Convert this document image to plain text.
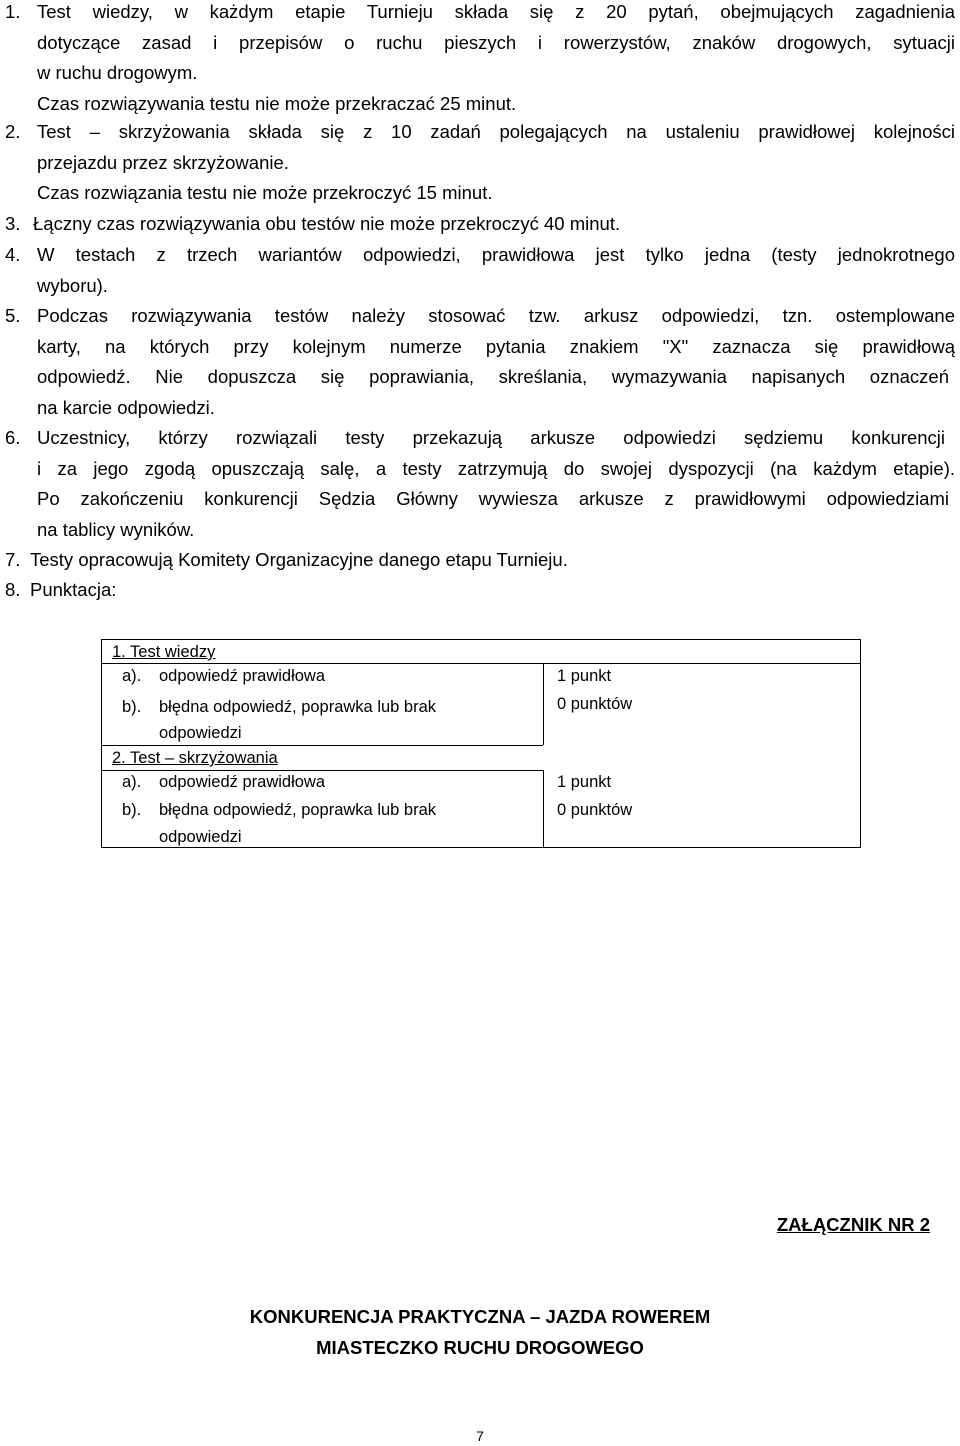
1. Test wiedzy, w każdym etapie Turnieju składa się z 20 pytań, obejmujących zagadnienia
dotyczące zasad i przepisów o ruchu pieszych i rowerzystów, znaków drogowych, sytuacji
w ruchu drogowym.
Czas rozwiązywania testu nie może przekraczać 25 minut.
2. Test – skrzyżowania składa się z 10 zadań polegających na ustaleniu prawidłowej kolejności
przejazdu przez skrzyżowanie.
Czas rozwiązania testu nie może przekroczyć 15 minut.
3. Łączny czas rozwiązywania obu testów nie może przekroczyć 40 minut.
4. W testach z trzech wariantów odpowiedzi, prawidłowa jest tylko jedna (testy jednokrotnego
wyboru).
5. Podczas rozwiązywania testów należy stosować tzw. arkusz odpowiedzi, tzn. ostemplowane
karty, na których przy kolejnym numerze pytania znakiem "X" zaznacza się prawidłową
odpowiedź. Nie dopuszcza się poprawiania, skreślania, wymazywania napisanych oznaczeń
na karcie odpowiedzi.
6. Uczestnicy, którzy rozwiązali testy przekazują arkusze odpowiedzi sędziemu konkurencji
i za jego zgodą opuszczają salę, a testy zatrzymują do swojej dyspozycji (na każdym etapie).
Po zakończeniu konkurencji Sędzia Główny wywiesza arkusze z prawidłowymi odpowiedziami
na tablicy wyników.
7. Testy opracowują Komitety Organizacyjne danego etapu Turnieju.
8. Punktacja:
1. Test wiedzy
a). odpowiedź prawidłowa	1 punkt
b). błędna odpowiedź, poprawka lub brak
odpowiedzi
0 punktów
2. Test – skrzyżowania
a). odpowiedź prawidłowa	1 punkt
b). błędna odpowiedź, poprawka lub brak
odpowiedzi
0 punktów
ZAŁĄCZNIK NR 2
KONKURENCJA PRAKTYCZNA – JAZDA ROWEREM
MIASTECZKO RUCHU DROGOWEGO
7
